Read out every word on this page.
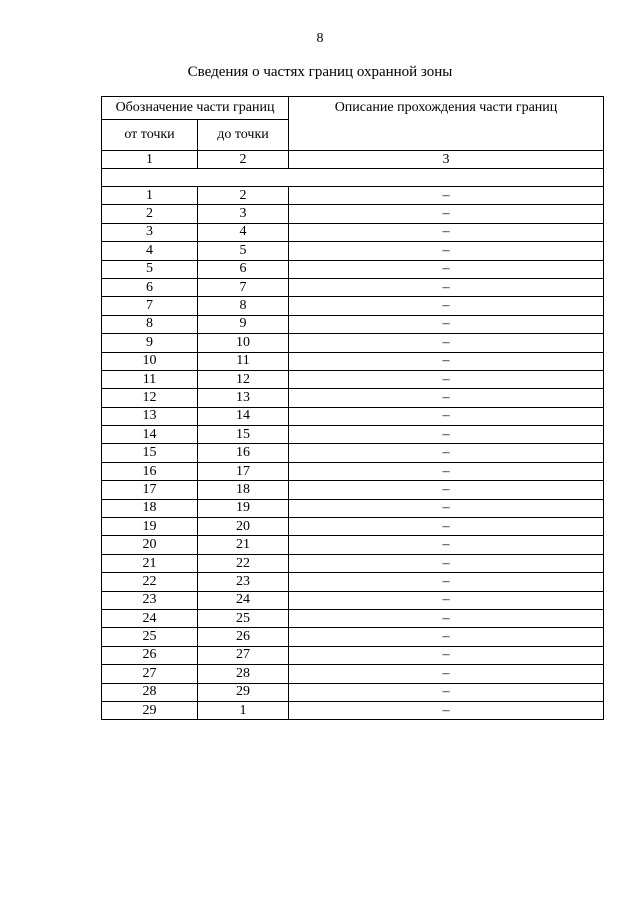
8
Сведения о частях границ охранной зоны
Обозначение части границ		Описание прохождения части границ
от точки	до точки	
1	2	3

1	2	–
2	3	–
3	4	–
4	5	–
5	6	–
6	7	–
7	8	–
8	9	–
9	10	–
10	11	–
11	12	–
12	13	–
13	14	–
14	15	–
15	16	–
16	17	–
17	18	–
18	19	–
19	20	–
20	21	–
21	22	–
22	23	–
23	24	–
24	25	–
25	26	–
26	27	–
27	28	–
28	29	–
29	1	–
